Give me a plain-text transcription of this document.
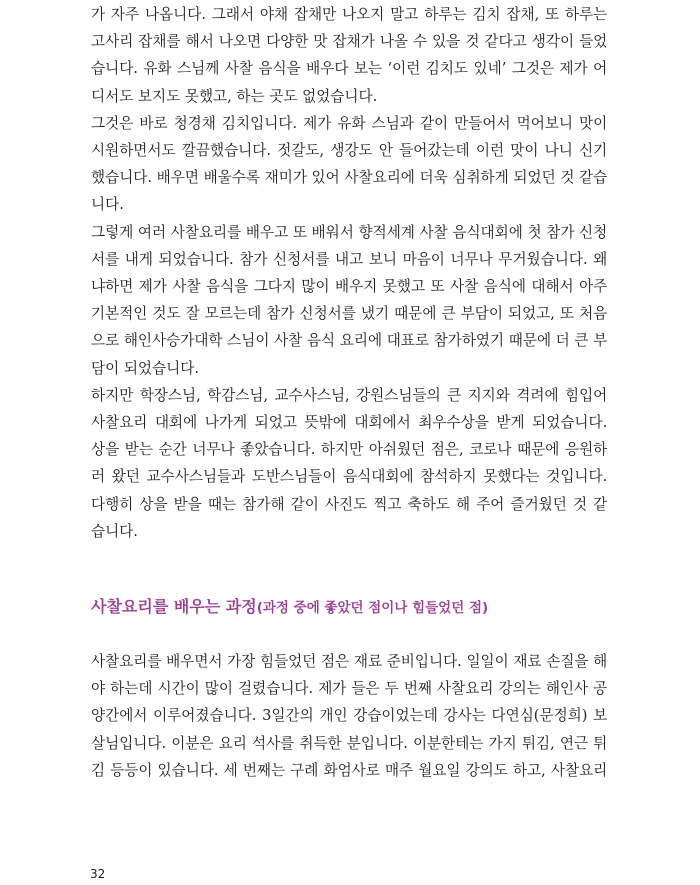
가 자주 나옵니다. 그래서 야채 잡채만 나오지 말고 하루는 김치 잡채, 또 하루는
고사리 잡채를 해서 나오면 다양한 맛 잡채가 나올 수 있을 것 같다고 생각이 들었
습니다. 유화 스님께 사찰 음식을 배우다 보는 ‘이런 김치도 있네’ 그것은 제가 어
디서도 보지도 못했고, 하는 곳도 없었습니다.

그것은 바로 청경채 김치입니다. 제가 유화 스님과 같이 만들어서 먹어보니 맛이
시원하면서도 깔끔했습니다. 젓갈도, 생강도 안 들어갔는데 이런 맛이 나니 신기
했습니다. 배우면 배울수록 재미가 있어 사찰요리에 더욱 심취하게 되었던 것 같습
니다.

그렇게 여러 사찰요리를 배우고 또 배워서 향적세계 사찰 음식대회에 첫 참가 신청
서를 내게 되었습니다. 참가 신청서를 내고 보니 마음이 너무나 무거웠습니다. 왜
냐하면 제가 사찰 음식을 그다지 많이 배우지 못했고 또 사찰 음식에 대해서 아주
기본적인 것도 잘 모르는데 참가 신청서를 냈기 때문에 큰 부담이 되었고, 또 처음
으로 해인사승가대학 스님이 사찰 음식 요리에 대표로 참가하였기 때문에 더 큰 부
담이 되었습니다.

하지만 학장스님, 학감스님, 교수사스님, 강원스님들의 큰 지지와 격려에 힘입어
사찰요리 대회에 나가게 되었고 뜻밖에 대회에서 최우수상을 받게 되었습니다.
상을 받는 순간 너무나 좋았습니다. 하지만 아쉬웠던 점은, 코로나 때문에 응원하
러 왔던 교수사스님들과 도반스님들이 음식대회에 참석하지 못했다는 것입니다.
다행히 상을 받을 때는 참가해 같이 사진도 찍고 축하도 해 주어 즐거웠던 것 같
습니다.

사찰요리를 배우는 과정(과정 중에 좋았던 점이나 힘들었던 점)

사찰요리를 배우면서 가장 힘들었던 점은 재료 준비입니다. 일일이 재료 손질을 해
야 하는데 시간이 많이 걸렸습니다. 제가 들은 두 번째 사찰요리 강의는 해인사 공
양간에서 이루어졌습니다. 3일간의 개인 강습이었는데 강사는 다연심(문정희) 보
살님입니다. 이분은 요리 석사를 취득한 분입니다. 이분한테는 가지 튀김, 연근 튀
김 등등이 있습니다. 세 번째는 구례 화엄사로 매주 월요일 강의도 하고, 사찰요리

32
